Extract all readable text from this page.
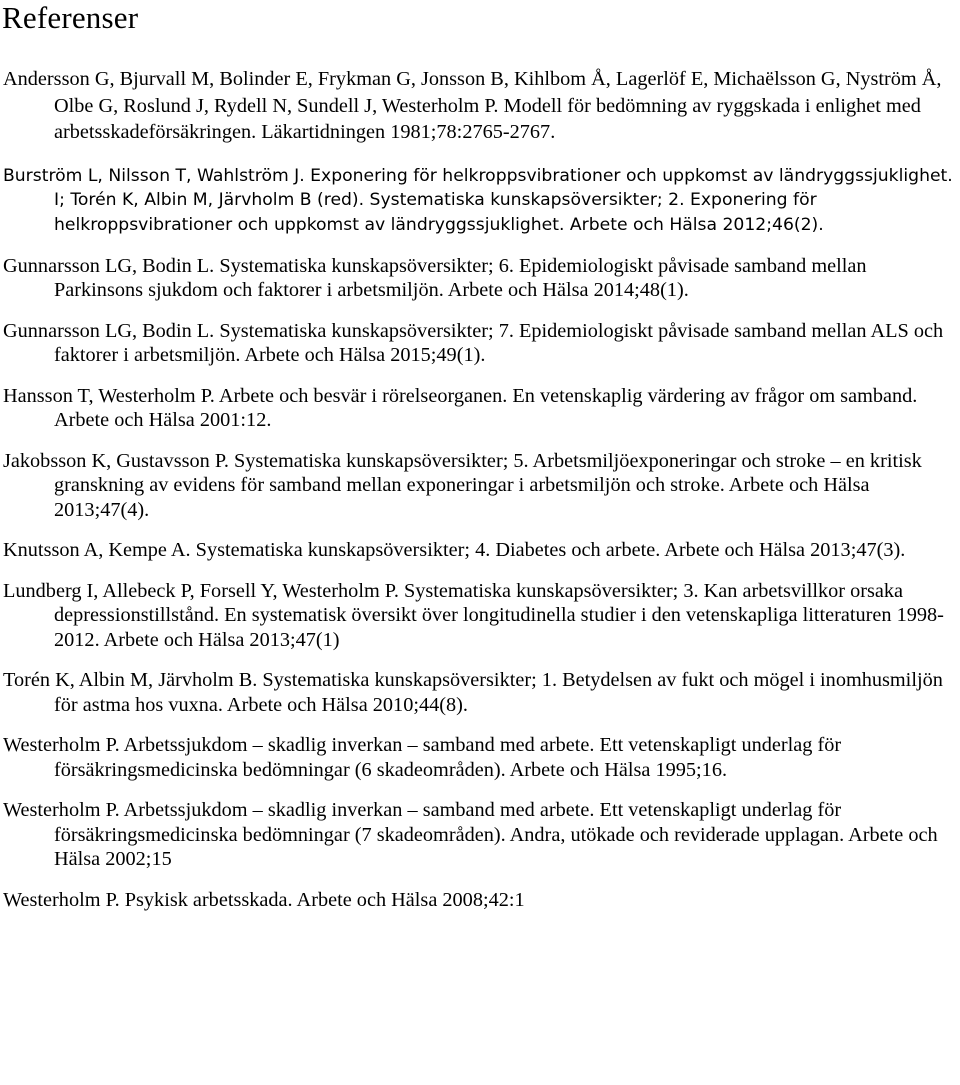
Referenser
Andersson G, Bjurvall M, Bolinder E, Frykman G, Jonsson B, Kihlbom Å, Lagerlöf E, Michaëlsson G, Nyström Å, Olbe G, Roslund J, Rydell N, Sundell J, Westerholm P. Modell för bedömning av ryggskada i enlighet med arbetsskadeförsäkringen. Läkartidningen 1981;78:2765-2767.
Burström L, Nilsson T, Wahlström J. Exponering för helkroppsvibrationer och uppkomst av ländryggssjuklighet. I; Torén K, Albin M, Järvholm B (red). Systematiska kunskapsöversikter; 2. Exponering för helkroppsvibrationer och uppkomst av ländryggssjuklighet. Arbete och Hälsa 2012;46(2).
Gunnarsson LG, Bodin L. Systematiska kunskapsöversikter; 6. Epidemiologiskt påvisade samband mellan Parkinsons sjukdom och faktorer i arbetsmiljön. Arbete och Hälsa 2014;48(1).
Gunnarsson LG, Bodin L. Systematiska kunskapsöversikter; 7. Epidemiologiskt påvisade samband mellan ALS och faktorer i arbetsmiljön. Arbete och Hälsa 2015;49(1).
Hansson T, Westerholm P. Arbete och besvär i rörelseorganen. En vetenskaplig värdering av frågor om samband. Arbete och Hälsa 2001:12.
Jakobsson K, Gustavsson P. Systematiska kunskapsöversikter; 5. Arbetsmiljöexponeringar och stroke – en kritisk granskning av evidens för samband mellan exponeringar i arbetsmiljön och stroke. Arbete och Hälsa 2013;47(4).
Knutsson A, Kempe A. Systematiska kunskapsöversikter; 4. Diabetes och arbete. Arbete och Hälsa 2013;47(3).
Lundberg I, Allebeck P, Forsell Y, Westerholm P. Systematiska kunskapsöversikter; 3. Kan arbetsvillkor orsaka depressionstillstånd. En systematisk översikt över longitudinella studier i den vetenskapliga litteraturen 1998-2012. Arbete och Hälsa 2013;47(1)
Torén K, Albin M, Järvholm B. Systematiska kunskapsöversikter; 1. Betydelsen av fukt och mögel i inomhusmiljön för astma hos vuxna. Arbete och Hälsa 2010;44(8).
Westerholm P. Arbetssjukdom – skadlig inverkan – samband med arbete. Ett vetenskapligt underlag för försäkringsmedicinska bedömningar (6 skadeområden). Arbete och Hälsa 1995;16.
Westerholm P. Arbetssjukdom – skadlig inverkan – samband med arbete. Ett vetenskapligt underlag för försäkringsmedicinska bedömningar (7 skadeområden). Andra, utökade och reviderade upplagan. Arbete och Hälsa 2002;15
Westerholm P. Psykisk arbetsskada. Arbete och Hälsa 2008;42:1
